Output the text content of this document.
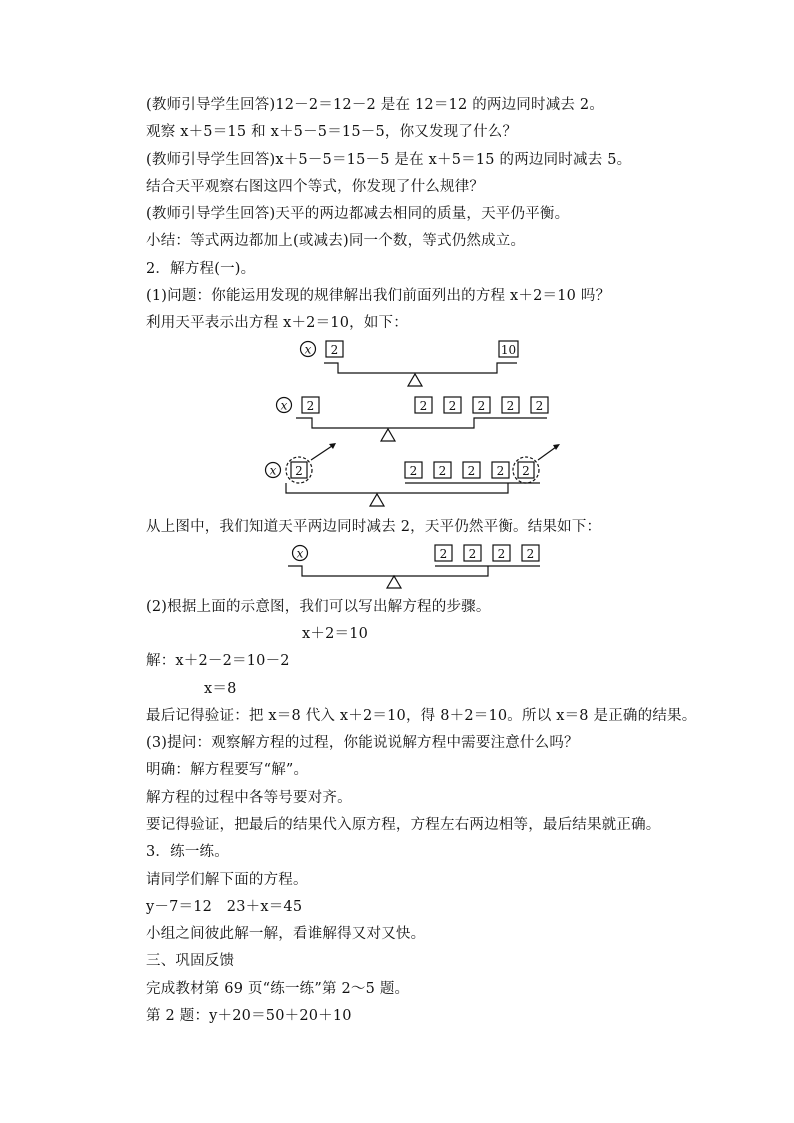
(教师引导学生回答)12－2＝12－2 是在 12＝12 的两边同时减去 2。
观察 x＋5＝15 和 x＋5－5＝15－5，你又发现了什么？
(教师引导学生回答)x＋5－5＝15－5 是在 x＋5＝15 的两边同时减去 5。
结合天平观察右图这四个等式，你发现了什么规律？
(教师引导学生回答)天平的两边都减去相同的质量，天平仍平衡。
小结：等式两边都加上(或减去)同一个数，等式仍然成立。
2．解方程(一)。
(1)问题：你能运用发现的规律解出我们前面列出的方程 x＋2＝10 吗？
利用天平表示出方程 x＋2＝10，如下：
x 2	10
x 2	2 2 2 2 2
x 2	2 2 2 2 2
从上图中，我们知道天平两边同时减去 2，天平仍然平衡。结果如下：
x	2 2 2 2
(2)根据上面的示意图，我们可以写出解方程的步骤。
x＋2＝10
解：x＋2－2＝10－2
x＝8
最后记得验证：把 x＝8 代入 x＋2＝10，得 8＋2＝10。所以 x＝8 是正确的结果。
(3)提问：观察解方程的过程，你能说说解方程中需要注意什么吗？
明确：解方程要写“解”。
解方程的过程中各等号要对齐。
要记得验证，把最后的结果代入原方程，方程左右两边相等，最后结果就正确。
3．练一练。
请同学们解下面的方程。
y－7＝12　23＋x＝45
小组之间彼此解一解，看谁解得又对又快。
三、巩固反馈
完成教材第 69 页“练一练”第 2～5 题。
第 2 题：y＋20＝50＋20＋10
